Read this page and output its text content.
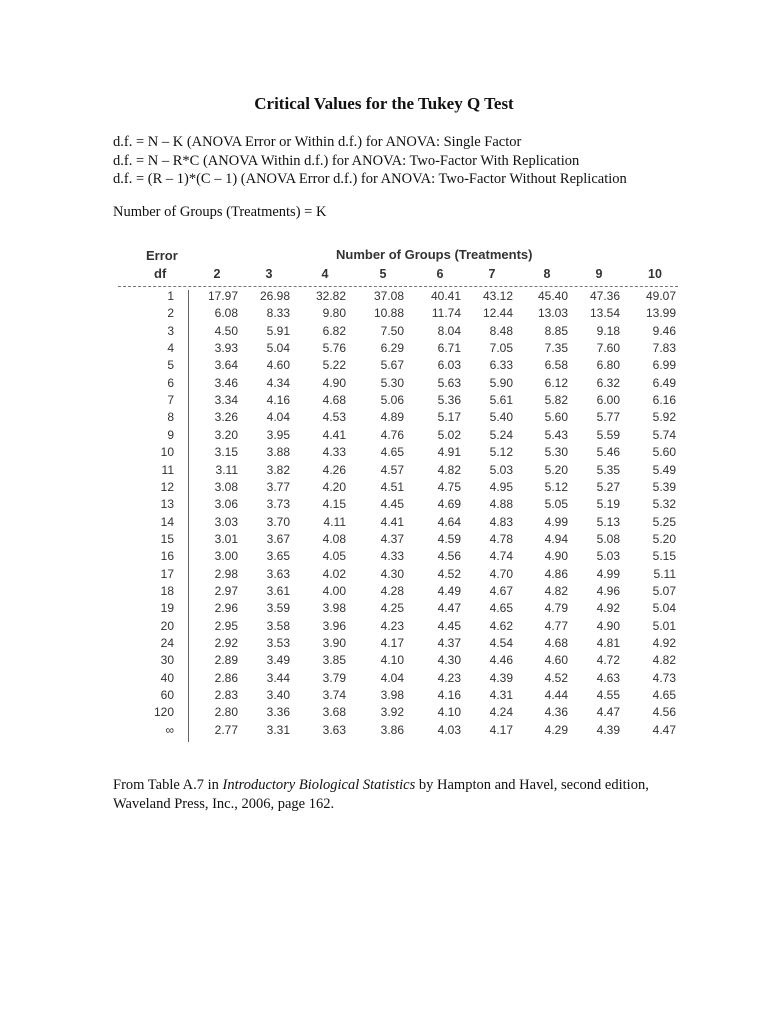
Critical Values for the Tukey Q Test
d.f. = N – K (ANOVA Error or Within d.f.) for ANOVA: Single Factor
d.f. = N – R*C (ANOVA Within d.f.) for ANOVA: Two-Factor With Replication
d.f. = (R – 1)*(C – 1) (ANOVA Error d.f.) for ANOVA: Two-Factor Without Replication
Number of Groups (Treatments) = K
Error
df
Number of Groups (Treatments)
2	3	4	5	6	7	8	9	10
1	17.97	26.98	32.82	37.08	40.41	43.12	45.40	47.36	49.07
2	6.08	8.33	9.80	10.88	11.74	12.44	13.03	13.54	13.99
3	4.50	5.91	6.82	7.50	8.04	8.48	8.85	9.18	9.46
4	3.93	5.04	5.76	6.29	6.71	7.05	7.35	7.60	7.83
5	3.64	4.60	5.22	5.67	6.03	6.33	6.58	6.80	6.99
6	3.46	4.34	4.90	5.30	5.63	5.90	6.12	6.32	6.49
7	3.34	4.16	4.68	5.06	5.36	5.61	5.82	6.00	6.16
8	3.26	4.04	4.53	4.89	5.17	5.40	5.60	5.77	5.92
9	3.20	3.95	4.41	4.76	5.02	5.24	5.43	5.59	5.74
10	3.15	3.88	4.33	4.65	4.91	5.12	5.30	5.46	5.60
11	3.11	3.82	4.26	4.57	4.82	5.03	5.20	5.35	5.49
12	3.08	3.77	4.20	4.51	4.75	4.95	5.12	5.27	5.39
13	3.06	3.73	4.15	4.45	4.69	4.88	5.05	5.19	5.32
14	3.03	3.70	4.11	4.41	4.64	4.83	4.99	5.13	5.25
15	3.01	3.67	4.08	4.37	4.59	4.78	4.94	5.08	5.20
16	3.00	3.65	4.05	4.33	4.56	4.74	4.90	5.03	5.15
17	2.98	3.63	4.02	4.30	4.52	4.70	4.86	4.99	5.11
18	2.97	3.61	4.00	4.28	4.49	4.67	4.82	4.96	5.07
19	2.96	3.59	3.98	4.25	4.47	4.65	4.79	4.92	5.04
20	2.95	3.58	3.96	4.23	4.45	4.62	4.77	4.90	5.01
24	2.92	3.53	3.90	4.17	4.37	4.54	4.68	4.81	4.92
30	2.89	3.49	3.85	4.10	4.30	4.46	4.60	4.72	4.82
40	2.86	3.44	3.79	4.04	4.23	4.39	4.52	4.63	4.73
60	2.83	3.40	3.74	3.98	4.16	4.31	4.44	4.55	4.65
120	2.80	3.36	3.68	3.92	4.10	4.24	4.36	4.47	4.56
∞	2.77	3.31	3.63	3.86	4.03	4.17	4.29	4.39	4.47
From Table A.7 in Introductory Biological Statistics by Hampton and Havel, second edition, Waveland Press, Inc., 2006, page 162.
